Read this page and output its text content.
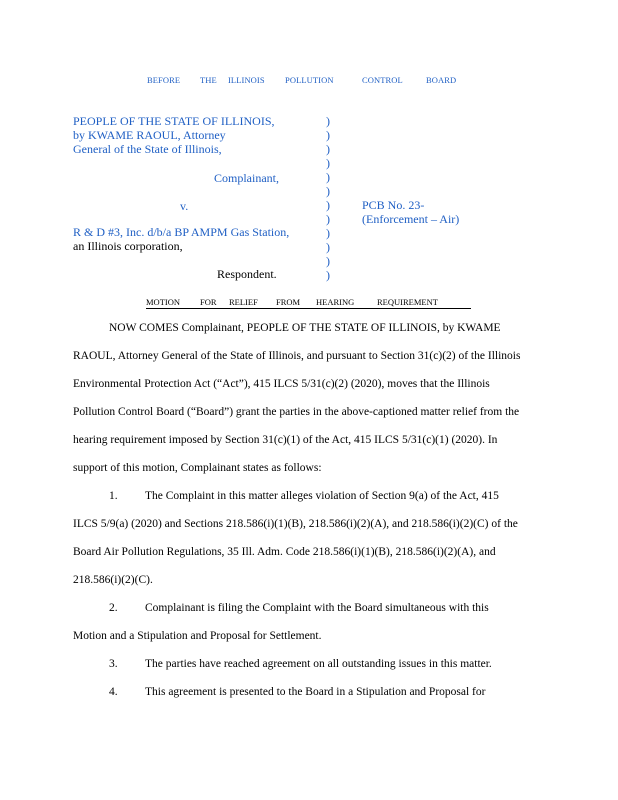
BEFORE THE ILLINOIS POLLUTION	CONTROL	BOARD
PEOPLE OF THE STATE OF ILLINOIS,
by KWAME RAOUL, Attorney
General of the State of Illinois,
Complainant,
v.
R & D #3, Inc. d/b/a BP AMPM Gas Station,
an Illinois corporation,
Respondent.
)
)
)
)
)
)
)
)
)
)
)
)
PCB No. 23-
(Enforcement – Air)
MOTION FOR RELIEF FROM HEARING	REQUIREMENT
NOW COMES Complainant, PEOPLE OF THE STATE OF ILLINOIS, by KWAME
RAOUL, Attorney General of the State of Illinois, and pursuant to Section 31(c)(2) of the Illinois
Environmental Protection Act (“Act”), 415 ILCS 5/31(c)(2) (2020), moves that the Illinois
Pollution Control Board (“Board”) grant the parties in the above-captioned matter relief from the
hearing requirement imposed by Section 31(c)(1) of the Act, 415 ILCS 5/31(c)(1) (2020). In
support of this motion, Complainant states as follows:
1. The Complaint in this matter alleges violation of Section 9(a) of the Act, 415
ILCS 5/9(a) (2020) and Sections 218.586(i)(1)(B), 218.586(i)(2)(A), and 218.586(i)(2)(C) of the
Board Air Pollution Regulations, 35 Ill. Adm. Code 218.586(i)(1)(B), 218.586(i)(2)(A), and
218.586(i)(2)(C).
2. Complainant is filing the Complaint with the Board simultaneous with this
Motion and a Stipulation and Proposal for Settlement.
3. The parties have reached agreement on all outstanding issues in this matter.
4. This agreement is presented to the Board in a Stipulation and Proposal for
